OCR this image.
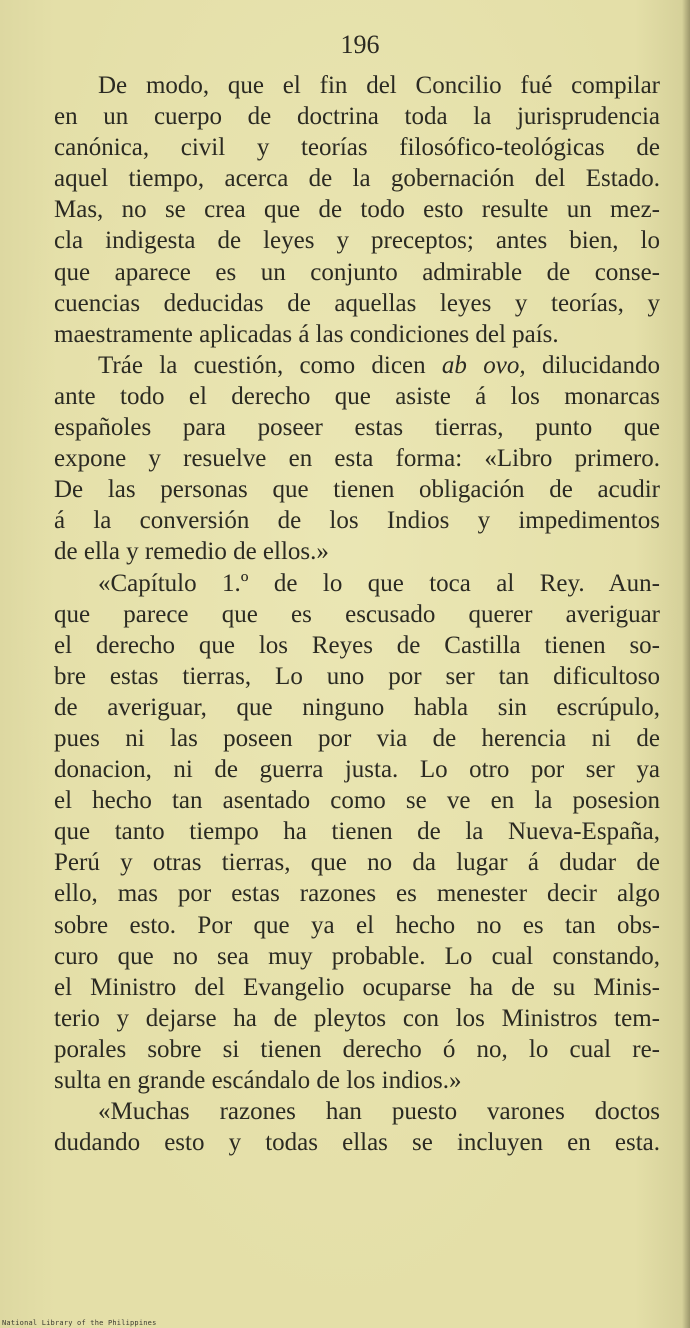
196
De modo, que el fin del Concilio fué compilar
en un cuerpo de doctrina toda la jurisprudencia
canónica, civil y teorías filosófico-teológicas de
aquel tiempo, acerca de la gobernación del Estado.
Mas, no se crea que de todo esto resulte un mez-
cla indigesta de leyes y preceptos; antes bien, lo
que aparece es un conjunto admirable de conse-
cuencias deducidas de aquellas leyes y teorías, y
maestramente aplicadas á las condiciones del país.
Tráe la cuestión, como dicen ab ovo, dilucidando
ante todo el derecho que asiste á los monarcas
españoles para poseer estas tierras, punto que
expone y resuelve en esta forma: «Libro primero.
De las personas que tienen obligación de acudir
á la conversión de los Indios y impedimentos
de ella y remedio de ellos.»
«Capítulo 1.º de lo que toca al Rey. Aun-
que parece que es escusado querer averiguar
el derecho que los Reyes de Castilla tienen so-
bre estas tierras, Lo uno por ser tan dificultoso
de averiguar, que ninguno habla sin escrúpulo,
pues ni las poseen por via de herencia ni de
donacion, ni de guerra justa. Lo otro por ser ya
el hecho tan asentado como se ve en la posesion
que tanto tiempo ha tienen de la Nueva-España,
Perú y otras tierras, que no da lugar á dudar de
ello, mas por estas razones es menester decir algo
sobre esto. Por que ya el hecho no es tan obs-
curo que no sea muy probable. Lo cual constando,
el Ministro del Evangelio ocuparse ha de su Minis-
terio y dejarse ha de pleytos con los Ministros tem-
porales sobre si tienen derecho ó no, lo cual re-
sulta en grande escándalo de los indios.»
«Muchas razones han puesto varones doctos
dudando esto y todas ellas se incluyen en esta.
National Library of the Philippines
